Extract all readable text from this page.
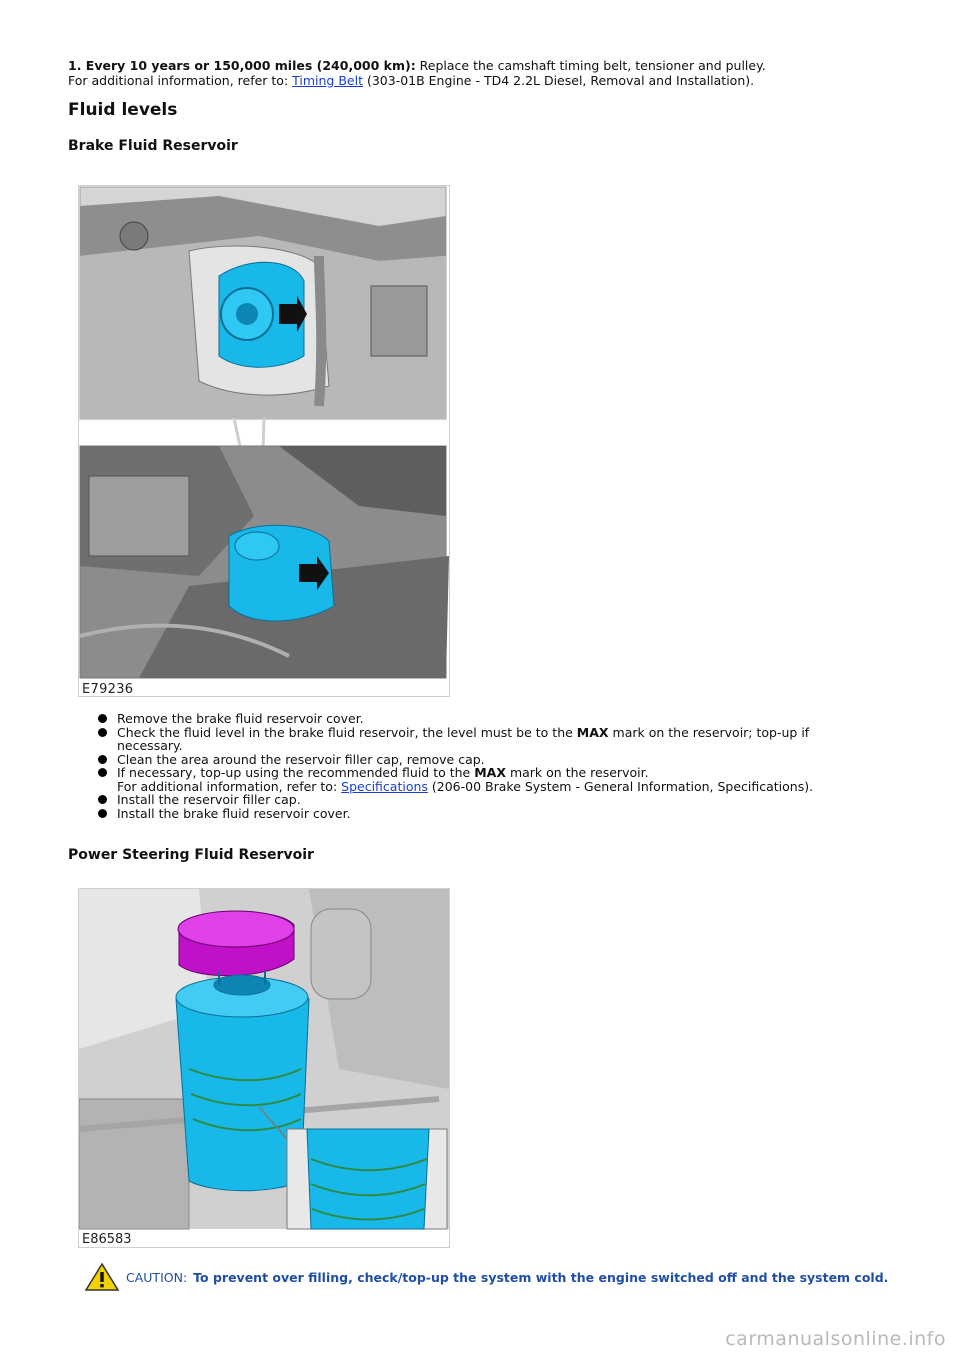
1. Every 10 years or 150,000 miles (240,000 km): Replace the camshaft timing belt, tensioner and pulley.
For additional information, refer to: Timing Belt (303-01B Engine - TD4 2.2L Diesel, Removal and Installation).
Fluid levels
Brake Fluid Reservoir
E79236
Remove the brake fluid reservoir cover.
Check the fluid level in the brake fluid reservoir, the level must be to the MAX mark on the reservoir; top-up if necessary.
Clean the area around the reservoir filler cap, remove cap.
If necessary, top-up using the recommended fluid to the MAX mark on the reservoir.
For additional information, refer to: Specifications (206-00 Brake System - General Information, Specifications).
Install the reservoir filler cap.
Install the brake fluid reservoir cover.
Power Steering Fluid Reservoir
E86583
CAUTION: To prevent over filling, check/top-up the system with the engine switched off and the system cold.
carmanualsonline.info
